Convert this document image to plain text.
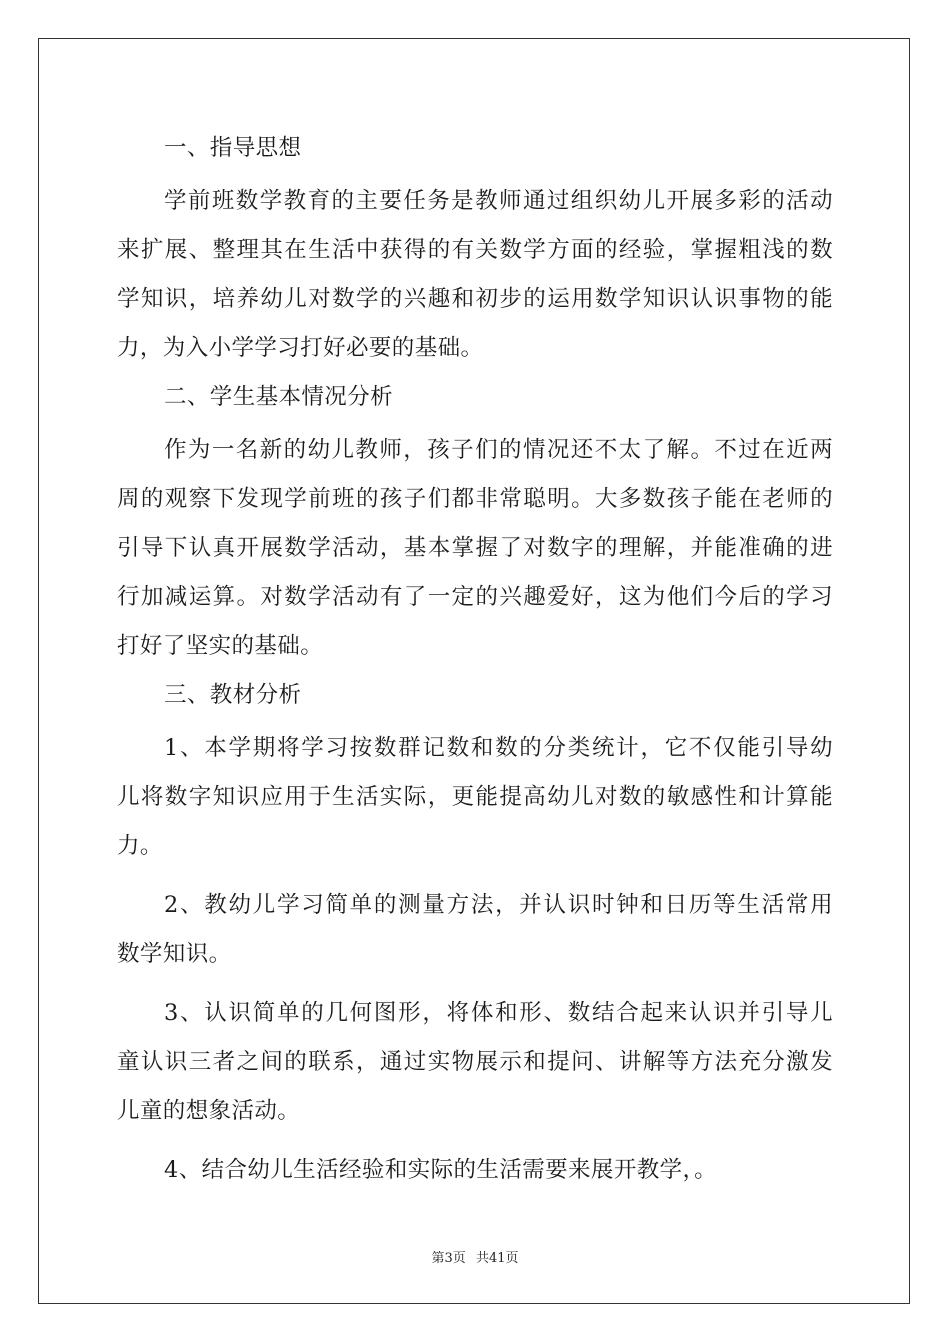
一、指导思想
学前班数学教育的主要任务是教师通过组织幼儿开展多彩的活动
来扩展、整理其在生活中获得的有关数学方面的经验，掌握粗浅的数
学知识，培养幼儿对数学的兴趣和初步的运用数学知识认识事物的能
力，为入小学学习打好必要的基础。
二、学生基本情况分析
作为一名新的幼儿教师，孩子们的情况还不太了解。不过在近两
周的观察下发现学前班的孩子们都非常聪明。大多数孩子能在老师的
引导下认真开展数学活动，基本掌握了对数字的理解，并能准确的进
行加减运算。对数学活动有了一定的兴趣爱好，这为他们今后的学习
打好了坚实的基础。
三、教材分析
1、本学期将学习按数群记数和数的分类统计，它不仅能引导幼
儿将数字知识应用于生活实际，更能提高幼儿对数的敏感性和计算能
力。
2、教幼儿学习简单的测量方法，并认识时钟和日历等生活常用
数学知识。
3、认识简单的几何图形，将体和形、数结合起来认识并引导儿
童认识三者之间的联系，通过实物展示和提问、讲解等方法充分激发
儿童的想象活动。
4、结合幼儿生活经验和实际的生活需要来展开教学，。
第3页 共41页
